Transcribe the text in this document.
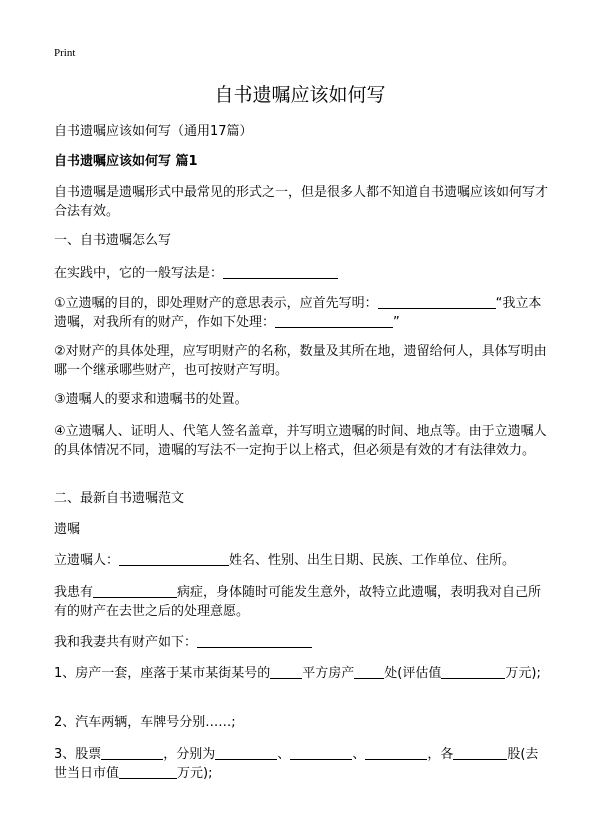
Print
自书遗嘱应该如何写

自书遗嘱应该如何写（通用17篇）

自书遗嘱应该如何写 篇1

自书遗嘱是遗嘱形式中最常见的形式之一，但是很多人都不知道自书遗嘱应该如何写才合法有效。

一、自书遗嘱怎么写

在实践中，它的一般写法是：

①立遗嘱的目的，即处理财产的意思表示，应首先写明：	“我立本遗嘱，对我所有的财产，作如下处理：	”

②对财产的具体处理，应写明财产的名称，数量及其所在地，遗留给何人，具体写明由哪一个继承哪些财产，也可按财产写明。

③遗嘱人的要求和遗嘱书的处置。

④立遗嘱人、证明人、代笔人签名盖章，并写明立遗嘱的时间、地点等。由于立遗嘱人的具体情况不同，遗嘱的写法不一定拘于以上格式，但必须是有效的才有法律效力。

二、最新自书遗嘱范文

遗嘱

立遗嘱人：	姓名、性别、出生日期、民族、工作单位、住所。

我患有	病症，身体随时可能发生意外，故特立此遗嘱，表明我对自己所有的财产在去世之后的处理意愿。

我和我妻共有财产如下：

1、房产一套，座落于某市某街某号的 平方房产 处(评估值	万元);

2、汽车两辆，车牌号分别……;

3、股票	，分别为	、	、	，各	股(去世当日市值	万元);
